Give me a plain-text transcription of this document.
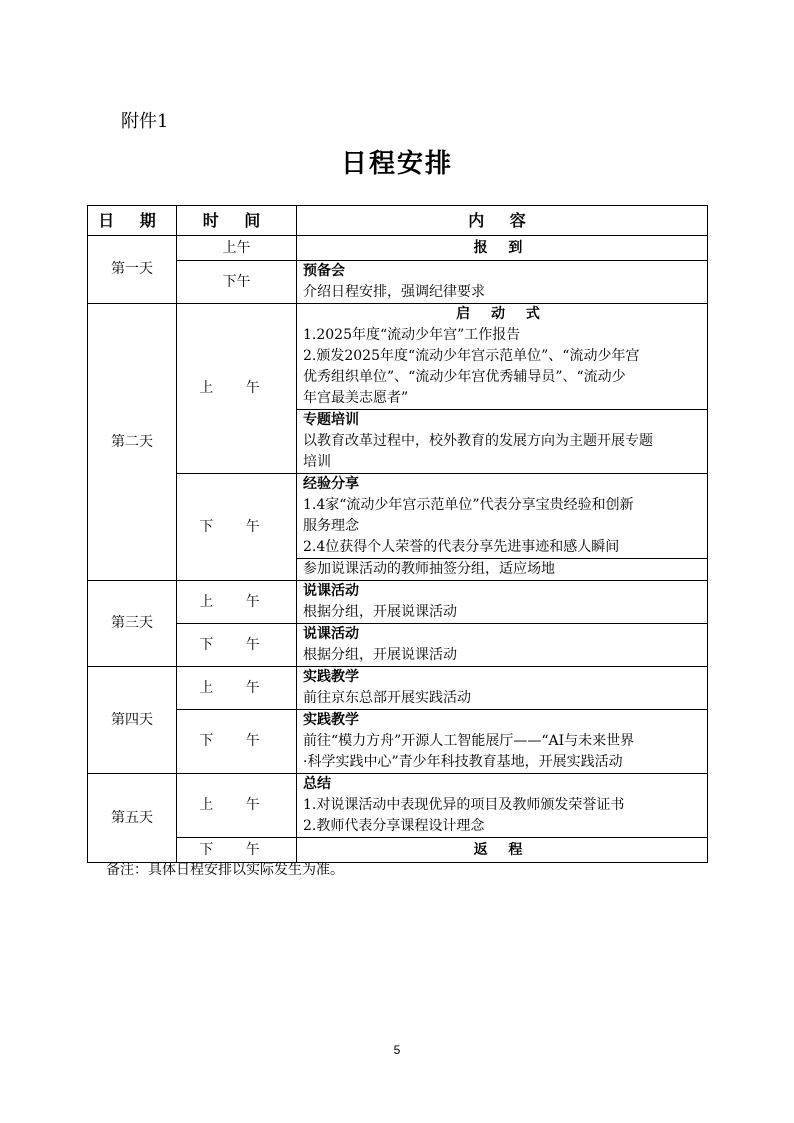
附件1
日程安排
日 期	时 间	内 容
第一天	上午	报 到
	下午	预备会
介绍日程安排，强调纪律要求

第二天	上 午	启 动 式
1.2025年度“流动少年宫”工作报告
2.颁发2025年度“流动少年宫示范单位”、“流动少年宫
优秀组织单位”、“流动少年宫优秀辅导员”、“流动少
年宫最美志愿者”

		专题培训
以教育改革过程中，校外教育的发展方向为主题开展专题
培训

	下 午	经验分享
1.4家“流动少年宫示范单位”代表分享宝贵经验和创新
服务理念
2.4位获得个人荣誉的代表分享先进事迹和感人瞬间

		参加说课活动的教师抽签分组，适应场地

第三天	上 午	说课活动
根据分组，开展说课活动

	下 午	说课活动
根据分组，开展说课活动

第四天	上 午	实践教学
前往京东总部开展实践活动

	下 午	实践教学
前往“模力方舟”开源人工智能展厅——“AI与未来世界
·科学实践中心”青少年科技教育基地，开展实践活动

第五天	上 午	总结
1.对说课活动中表现优异的项目及教师颁发荣誉证书
2.教师代表分享课程设计理念

	下 午	返 程
备注：具体日程安排以实际发生为准。
5
